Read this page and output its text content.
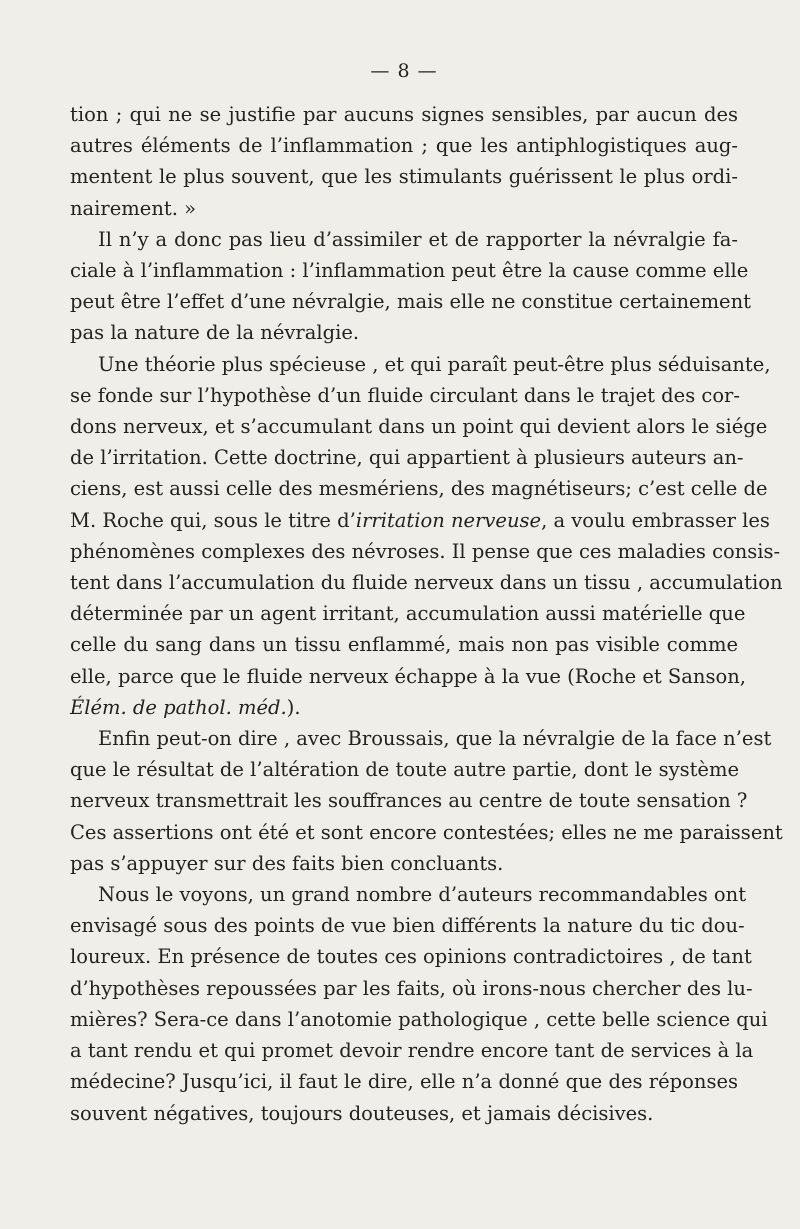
— 8 —

tion ; qui ne se justifie par aucuns signes sensibles, par aucun des
autres éléments de l’inflammation ; que les antiphlogistiques aug-
mentent le plus souvent, que les stimulants guérissent le plus ordi-
nairement. »

Il n’y a donc pas lieu d’assimiler et de rapporter la névralgie fa-
ciale à l’inflammation : l’inflammation peut être la cause comme elle
peut être l’effet d’une névralgie, mais elle ne constitue certainement
pas la nature de la névralgie.

Une théorie plus spécieuse , et qui paraît peut-être plus séduisante,
se fonde sur l’hypothèse d’un fluide circulant dans le trajet des cor-
dons nerveux, et s’accumulant dans un point qui devient alors le siége
de l’irritation. Cette doctrine, qui appartient à plusieurs auteurs an-
ciens, est aussi celle des mesmériens, des magnétiseurs; c’est celle de
M. Roche qui, sous le titre d’irritation nerveuse, a voulu embrasser les
phénomènes complexes des névroses. Il pense que ces maladies consis-
tent dans l’accumulation du fluide nerveux dans un tissu , accumulation
déterminée par un agent irritant, accumulation aussi matérielle que
celle du sang dans un tissu enflammé, mais non pas visible comme
elle, parce que le fluide nerveux échappe à la vue (Roche et Sanson,
Élém. de pathol. méd.).

Enfin peut-on dire , avec Broussais, que la névralgie de la face n’est
que le résultat de l’altération de toute autre partie, dont le système
nerveux transmettrait les souffrances au centre de toute sensation ?
Ces assertions ont été et sont encore contestées; elles ne me paraissent
pas s’appuyer sur des faits bien concluants.

Nous le voyons, un grand nombre d’auteurs recommandables ont
envisagé sous des points de vue bien différents la nature du tic dou-
loureux. En présence de toutes ces opinions contradictoires , de tant
d’hypothèses repoussées par les faits, où irons-nous chercher des lu-
mières? Sera-ce dans l’anotomie pathologique , cette belle science qui
a tant rendu et qui promet devoir rendre encore tant de services à la
médecine? Jusqu’ici, il faut le dire, elle n’a donné que des réponses
souvent négatives, toujours douteuses, et jamais décisives.
